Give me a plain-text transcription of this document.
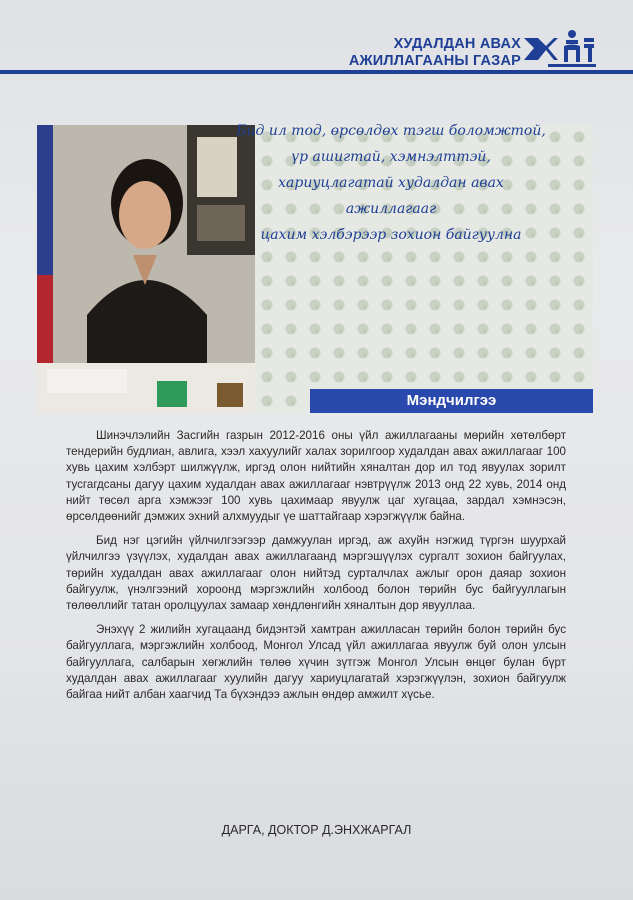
ХУДАЛДАН АВАХ
АЖИЛЛАГААНЫ ГАЗАР
Бид ил тод, өрсөлдөх тэгш боломжтой,
үр ашигтай, хэмнэлттэй,
хариуцлагатай худалдан авах ажиллагааг
цахим хэлбэрээр зохион байгуулна
Мэндчилгээ

Шинэчлэлийн Засгийн газрын 2012-2016 оны үйл ажиллагааны мөрийн хөтөлбөрт тендерийн будлиан, авлига, хээл хахуулийг халах зорилгоор худалдан авах ажиллагааг 100 хувь цахим хэлбэрт шилжүүлж, иргэд олон нийтийн хяналтан дор ил тод явуулах зорилт тусгагдсаны дагуу цахим худалдан авах ажиллагааг нэвтрүүлж 2013 онд 22 хувь, 2014 онд нийт төсөл арга хэмжээг 100 хувь цахимаар явуулж цаг хугацаа, зардал хэмнэсэн, өрсөлдөөнийг дэмжих эхний алхмуудыг үе шаттайгаар хэрэгжүүлж байна.

Бид нэг цэгийн үйлчилгээгээр дамжуулан иргэд, аж ахуйн нэгжид түргэн шуурхай үйлчилгээ үзүүлэх, худалдан авах ажиллагаанд мэргэшүүлэх сургалт зохион байгуулах, төрийн худалдан авах ажиллагааг олон нийтэд сурталчлах ажлыг орон даяар зохион байгуулж, үнэлгээний хороонд мэргэжлийн холбоод болон төрийн бус байгууллагын төлөөллийг татан оролцуулах замаар хөндлөнгийн хяналтын дор явууллаа.

Энэхүү 2 жилийн хугацаанд бидэнтэй хамтран ажилласан төрийн болон төрийн бус байгууллага, мэргэжлийн холбоод, Монгол Улсад үйл ажиллагаа явуулж буй олон улсын байгууллага, салбарын хөгжлийн төлөө хүчин зүтгэж Монгол Улсын өнцөг булан бүрт худалдан авах ажиллагааг хуулийн дагуу хариуцлагатай хэрэгжүүлэн, зохион байгуулж байгаа нийт албан хаагчид Та бүхэндээ ажлын өндөр амжилт хүсье.

ДАРГА, ДОКТОР Д.ЭНХЖАРГАЛ
